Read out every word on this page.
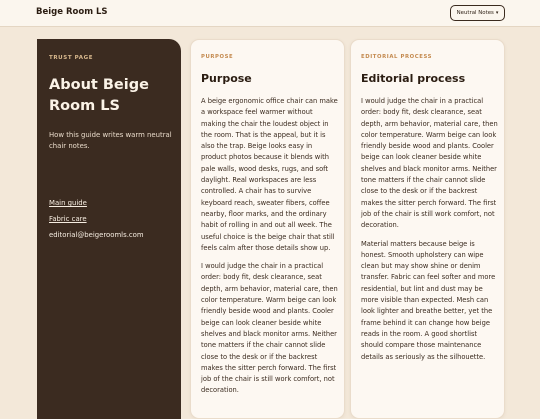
Beige Room LS	Neutral Notes ▾
TRUST PAGE
About Beige Room LS
How this guide writes warm neutral chair notes.
Main guide
Fabric care
editorial@beigeroomls.com
PURPOSE
Purpose

A beige ergonomic office chair can make a workspace feel warmer without making the chair the loudest object in the room. That is the appeal, but it is also the trap. Beige looks easy in product photos because it blends with pale walls, wood desks, rugs, and soft daylight. Real workspaces are less controlled. A chair has to survive keyboard reach, sweater fibers, coffee nearby, floor marks, and the ordinary habit of rolling in and out all week. The useful choice is the beige chair that still feels calm after those details show up.

I would judge the chair in a practical order: body fit, desk clearance, seat depth, arm behavior, material care, then color temperature. Warm beige can look friendly beside wood and plants. Cooler beige can look cleaner beside white shelves and black monitor arms. Neither tone matters if the chair cannot slide close to the desk or if the backrest makes the sitter perch forward. The first job of the chair is still work comfort, not decoration.

EDITORIAL PROCESS
Editorial process

I would judge the chair in a practical order: body fit, desk clearance, seat depth, arm behavior, material care, then color temperature. Warm beige can look friendly beside wood and plants. Cooler beige can look cleaner beside white shelves and black monitor arms. Neither tone matters if the chair cannot slide close to the desk or if the backrest makes the sitter perch forward. The first job of the chair is still work comfort, not decoration.

Material matters because beige is honest. Smooth upholstery can wipe clean but may show shine or denim transfer. Fabric can feel softer and more residential, but lint and dust may be more visible than expected. Mesh can look lighter and breathe better, yet the frame behind it can change how beige reads in the room. A good shortlist should compare those maintenance details as seriously as the silhouette.
